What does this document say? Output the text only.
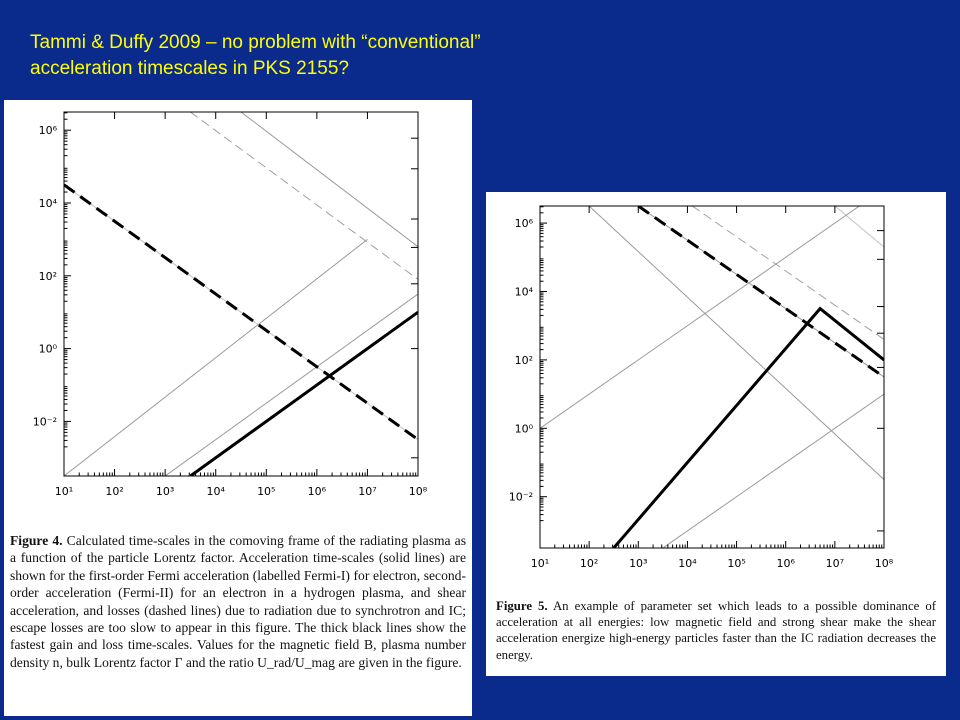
Tammi & Duffy 2009 – no problem with “conventional”
acceleration timescales in PKS 2155?
10¹	10²	10³	10⁴	10⁵	10⁶	10⁷	10⁸
10⁻²
10⁰
10²
10⁴
10⁶
Figure 4. Calculated time-scales in the comoving frame of the radiating plasma as a function of the particle Lorentz factor. Acceleration time-scales (solid lines) are shown for the first-order Fermi acceleration (labelled Fermi-I) for electron, second-order acceleration (Fermi-II) for an electron in a hydrogen plasma, and shear acceleration, and losses (dashed lines) due to radiation due to synchrotron and IC; escape losses are too slow to appear in this figure. The thick black lines show the fastest gain and loss time-scales. Values for the magnetic field B, plasma number density n, bulk Lorentz factor Γ and the ratio U_rad/U_mag are given in the figure.
10¹	10²	10³	10⁴	10⁵	10⁶	10⁷	10⁸
10⁻²
10⁰
10²
10⁴
10⁶
Figure 5. An example of parameter set which leads to a possible dominance of acceleration at all energies: low magnetic field and strong shear make the shear acceleration energize high-energy particles faster than the IC radiation decreases the energy.
